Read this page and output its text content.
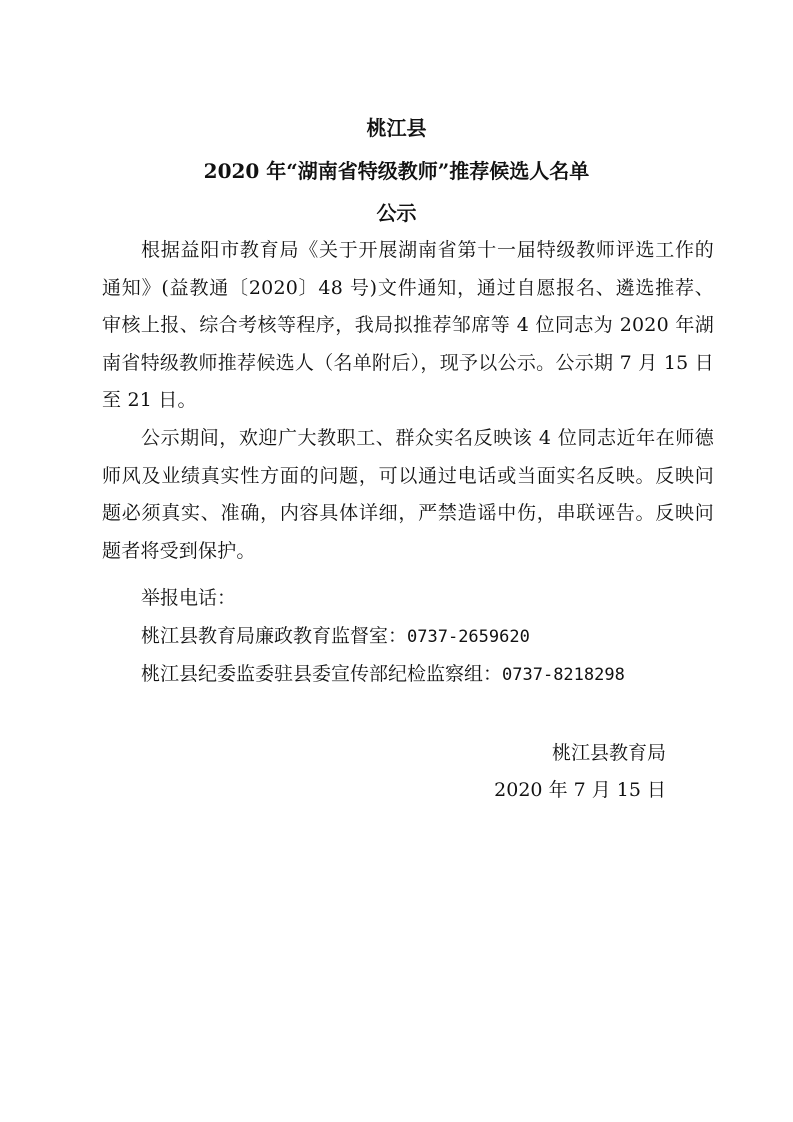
桃江县
2020 年“湖南省特级教师”推荐候选人名单
公示
根据益阳市教育局《关于开展湖南省第十一届特级教师评选工作的通知》(益教通〔2020〕48 号)文件通知，通过自愿报名、遴选推荐、审核上报、综合考核等程序，我局拟推荐邹席等 4 位同志为 2020 年湖南省特级教师推荐候选人（名单附后），现予以公示。公示期 7 月 15 日至 21 日。
公示期间，欢迎广大教职工、群众实名反映该 4 位同志近年在师德师风及业绩真实性方面的问题，可以通过电话或当面实名反映。反映问题必须真实、准确，内容具体详细，严禁造谣中伤，串联诬告。反映问题者将受到保护。
举报电话：
桃江县教育局廉政教育监督室：0737-2659620
桃江县纪委监委驻县委宣传部纪检监察组：0737-8218298
桃江县教育局
2020 年 7 月 15 日
